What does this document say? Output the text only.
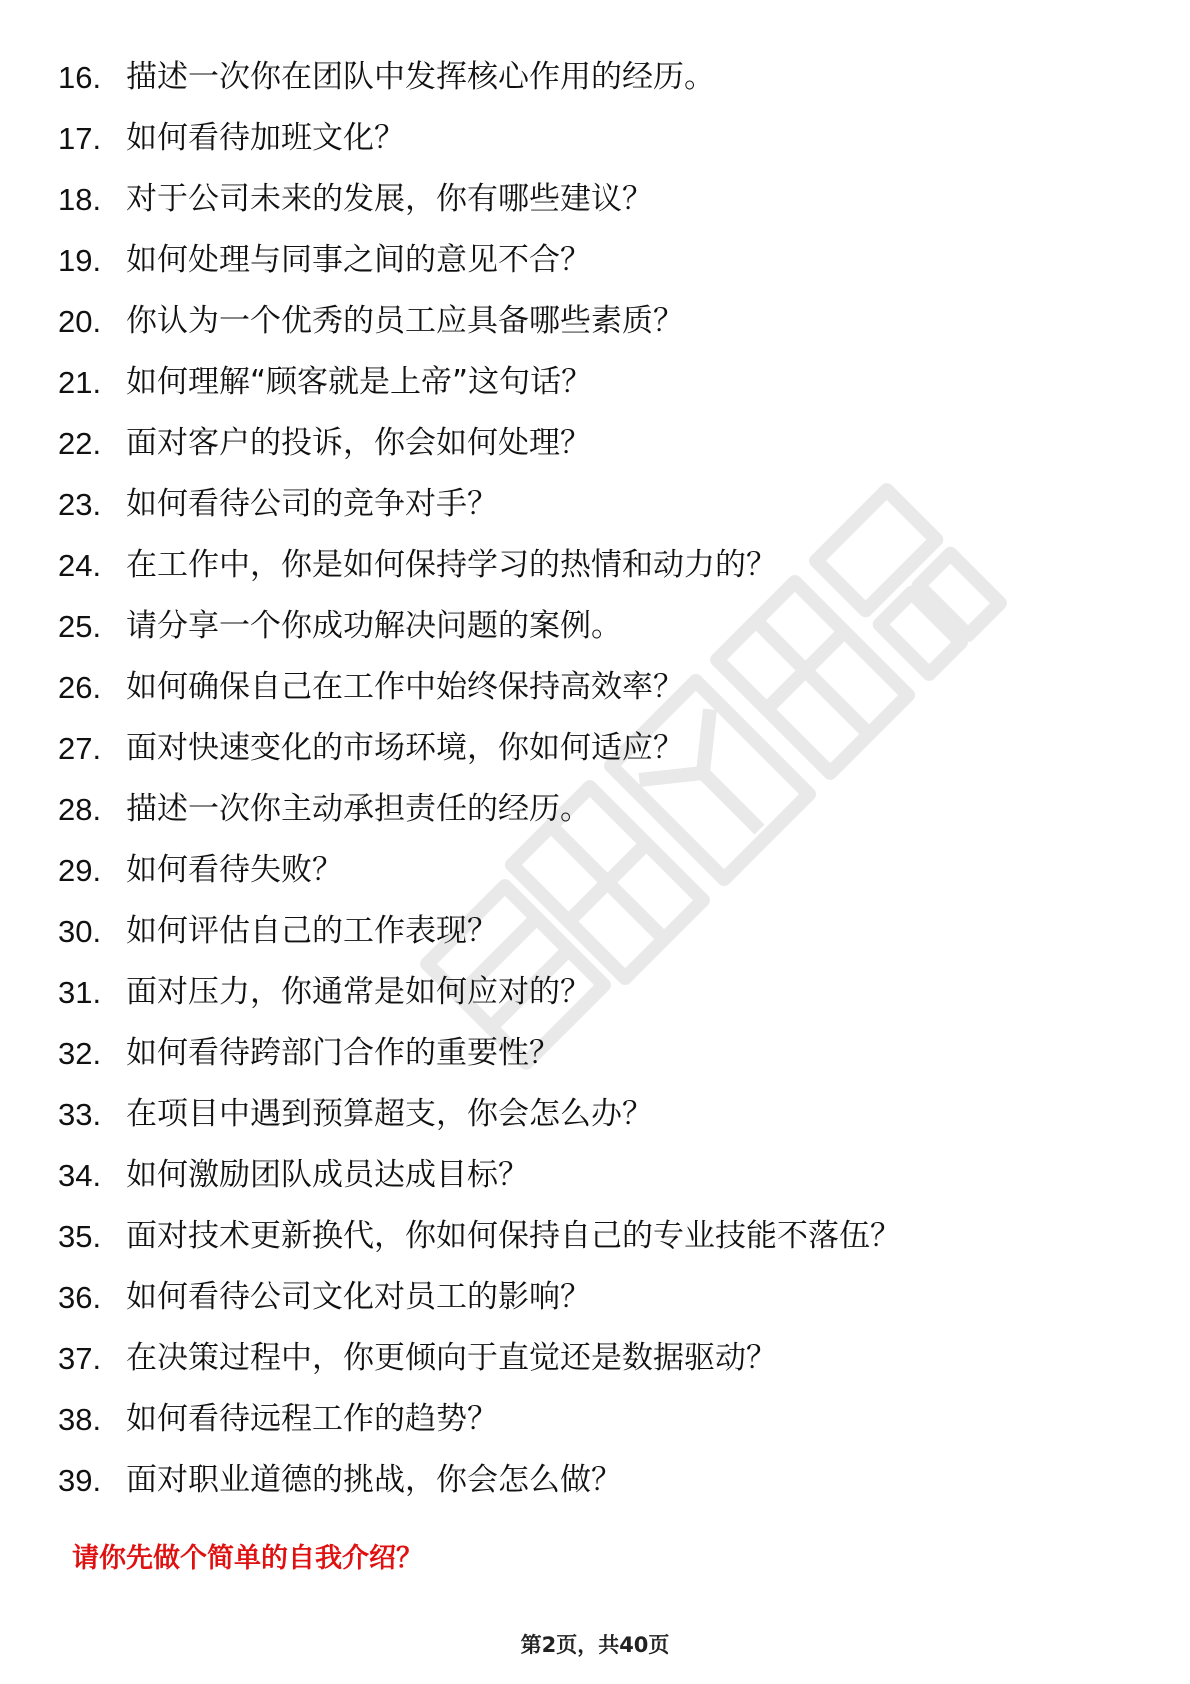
16. 描述一次你在团队中发挥核心作用的经历。
17. 如何看待加班文化？
18. 对于公司未来的发展，你有哪些建议？
19. 如何处理与同事之间的意见不合？
20. 你认为一个优秀的员工应具备哪些素质？
21. 如何理解“顾客就是上帝”这句话？
22. 面对客户的投诉，你会如何处理？
23. 如何看待公司的竞争对手？
24. 在工作中，你是如何保持学习的热情和动力的？
25. 请分享一个你成功解决问题的案例。
26. 如何确保自己在工作中始终保持高效率？
27. 面对快速变化的市场环境，你如何适应？
28. 描述一次你主动承担责任的经历。
29. 如何看待失败？
30. 如何评估自己的工作表现？
31. 面对压力，你通常是如何应对的？
32. 如何看待跨部门合作的重要性？
33. 在项目中遇到预算超支，你会怎么办？
34. 如何激励团队成员达成目标？
35. 面对技术更新换代，你如何保持自己的专业技能不落伍？
36. 如何看待公司文化对员工的影响？
37. 在决策过程中，你更倾向于直觉还是数据驱动？
38. 如何看待远程工作的趋势？
39. 面对职业道德的挑战，你会怎么做？
请你先做个简单的自我介绍？
第2页，共40页
